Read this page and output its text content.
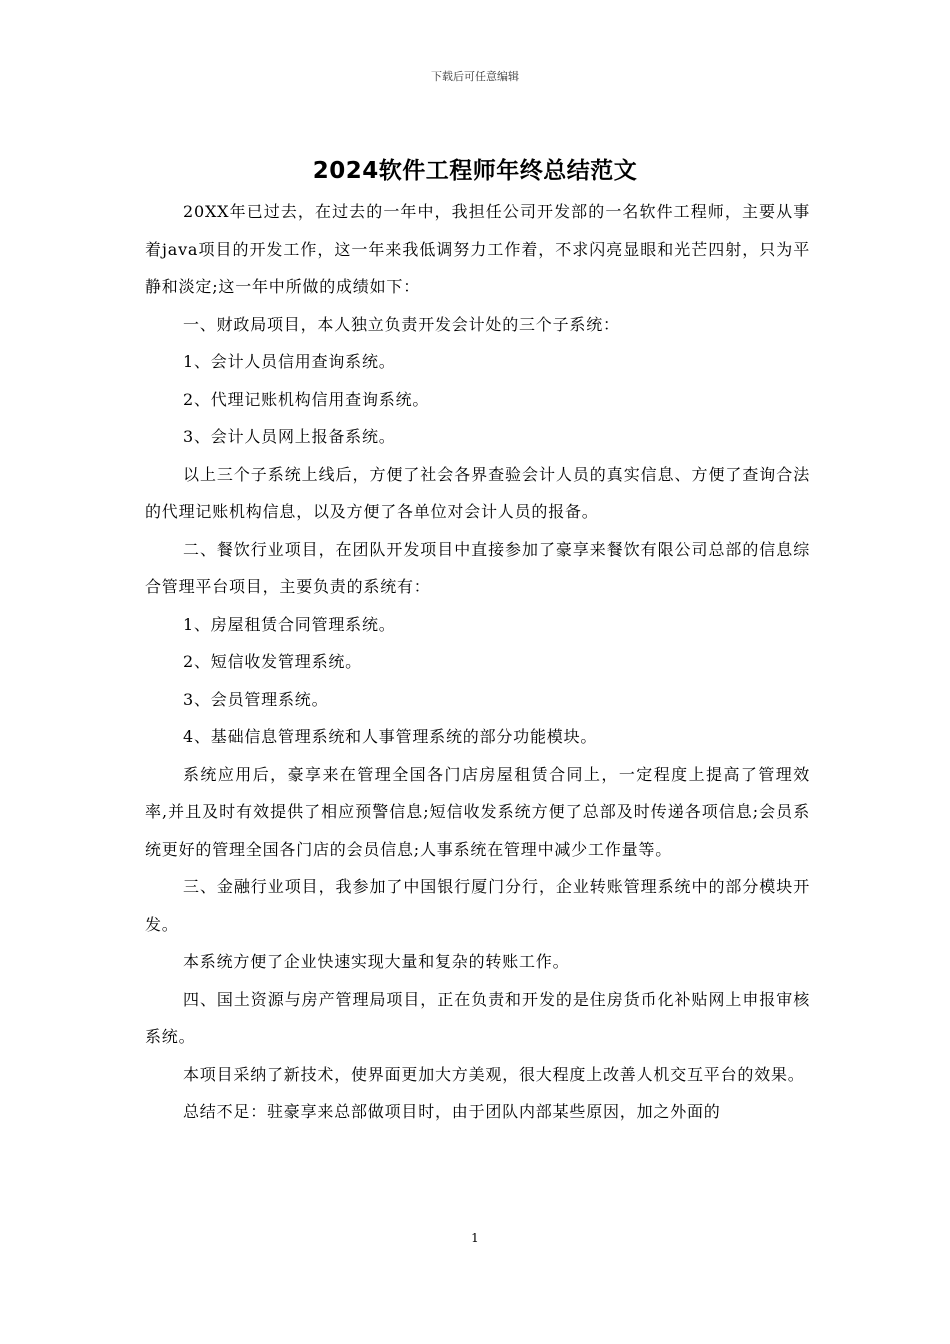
下载后可任意编辑
2024软件工程师年终总结范文

20XX年已过去，在过去的一年中，我担任公司开发部的一名软件工程师，主要从事着java项目的开发工作，这一年来我低调努力工作着，不求闪亮显眼和光芒四射，只为平静和淡定;这一年中所做的成绩如下：

一、财政局项目，本人独立负责开发会计处的三个子系统：

1、会计人员信用查询系统。

2、代理记账机构信用查询系统。

3、会计人员网上报备系统。

以上三个子系统上线后，方便了社会各界查验会计人员的真实信息、方便了查询合法的代理记账机构信息，以及方便了各单位对会计人员的报备。

二、餐饮行业项目，在团队开发项目中直接参加了豪享来餐饮有限公司总部的信息综合管理平台项目，主要负责的系统有：

1、房屋租赁合同管理系统。

2、短信收发管理系统。

3、会员管理系统。

4、基础信息管理系统和人事管理系统的部分功能模块。

系统应用后，豪享来在管理全国各门店房屋租赁合同上，一定程度上提高了管理效率,并且及时有效提供了相应预警信息;短信收发系统方便了总部及时传递各项信息;会员系统更好的管理全国各门店的会员信息;人事系统在管理中减少工作量等。

三、金融行业项目，我参加了中国银行厦门分行，企业转账管理系统中的部分模块开发。

本系统方便了企业快速实现大量和复杂的转账工作。

四、国土资源与房产管理局项目，正在负责和开发的是住房货币化补贴网上申报审核系统。

本项目采纳了新技术，使界面更加大方美观，很大程度上改善人机交互平台的效果。

总结不足：驻豪享来总部做项目时，由于团队内部某些原因，加之外面的

1
